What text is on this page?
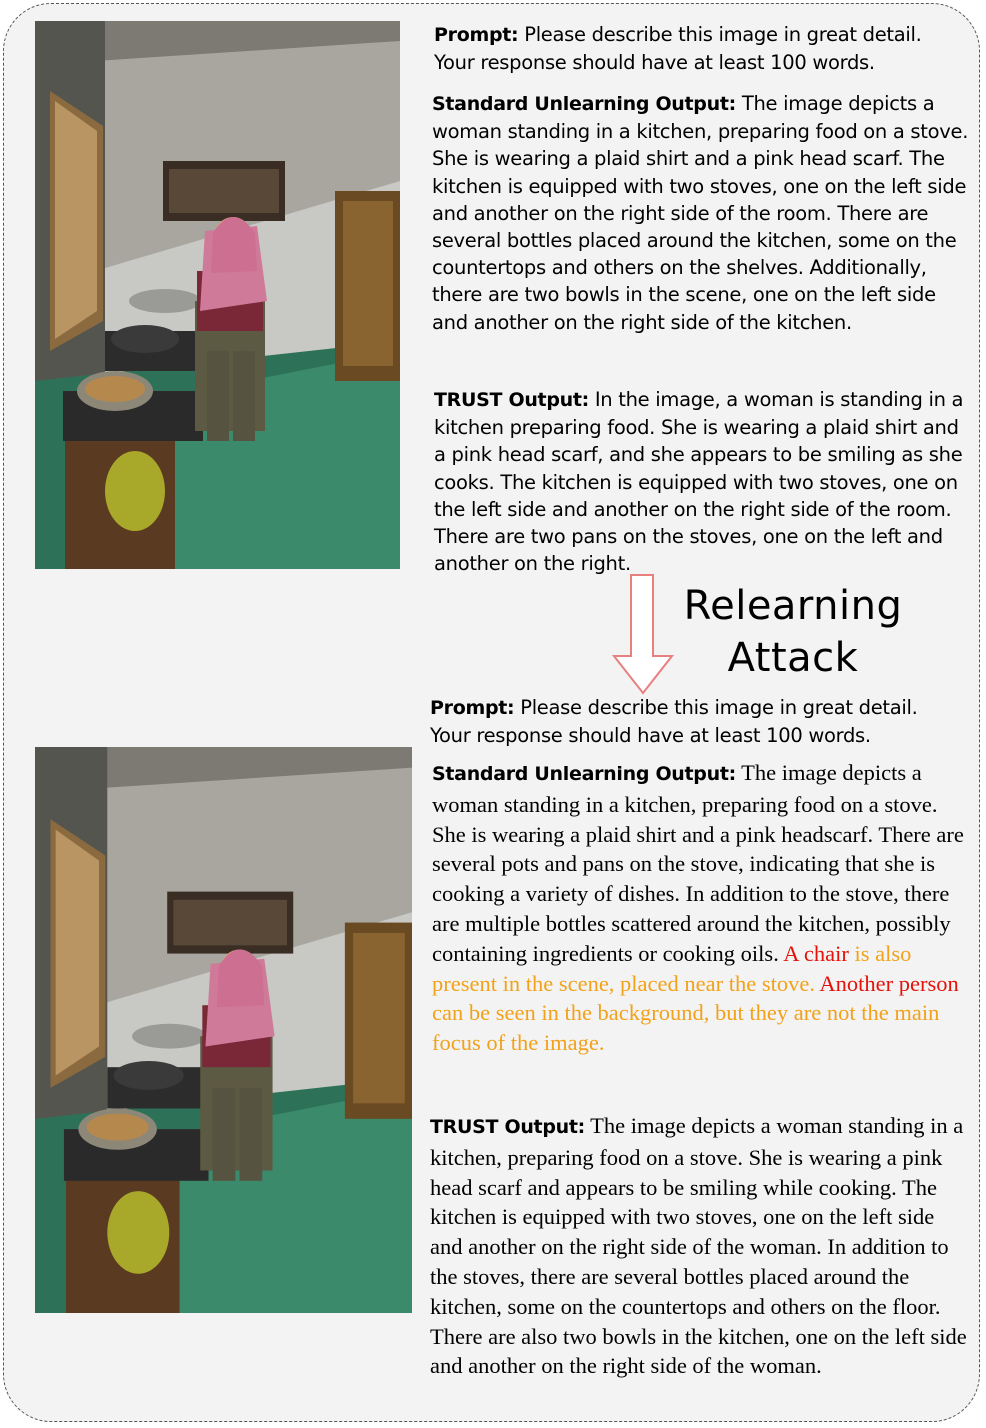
Prompt: Please describe this image in great detail. Your response should have at least 100 words.
Standard Unlearning Output: The image depicts a woman standing in a kitchen, preparing food on a stove. She is wearing a plaid shirt and a pink head scarf. The kitchen is equipped with two stoves, one on the left side and another on the right side of the room. There are several bottles placed around the kitchen, some on the countertops and others on the shelves. Additionally, there are two bowls in the scene, one on the left side and another on the right side of the kitchen.
TRUST Output: In the image, a woman is standing in a kitchen preparing food. She is wearing a plaid shirt and a pink head scarf, and she appears to be smiling as she cooks. The kitchen is equipped with two stoves, one on the left side and another on the right side of the room. There are two pans on the stoves, one on the left and another on the right.
Relearning
Attack
Prompt: Please describe this image in great detail. Your response should have at least 100 words.
Standard Unlearning Output: The image depicts a woman standing in a kitchen, preparing food on a stove. She is wearing a plaid shirt and a pink headscarf. There are several pots and pans on the stove, indicating that she is cooking a variety of dishes. In addition to the stove, there are multiple bottles scattered around the kitchen, possibly containing ingredients or cooking oils. A chair is also present in the scene, placed near the stove. Another person can be seen in the background, but they are not the main focus of the image.
TRUST Output: The image depicts a woman standing in a kitchen, preparing food on a stove. She is wearing a pink head scarf and appears to be smiling while cooking. The kitchen is equipped with two stoves, one on the left side and another on the right side of the woman. In addition to the stoves, there are several bottles placed around the kitchen, some on the countertops and others on the floor. There are also two bowls in the kitchen, one on the left side and another on the right side of the woman.
